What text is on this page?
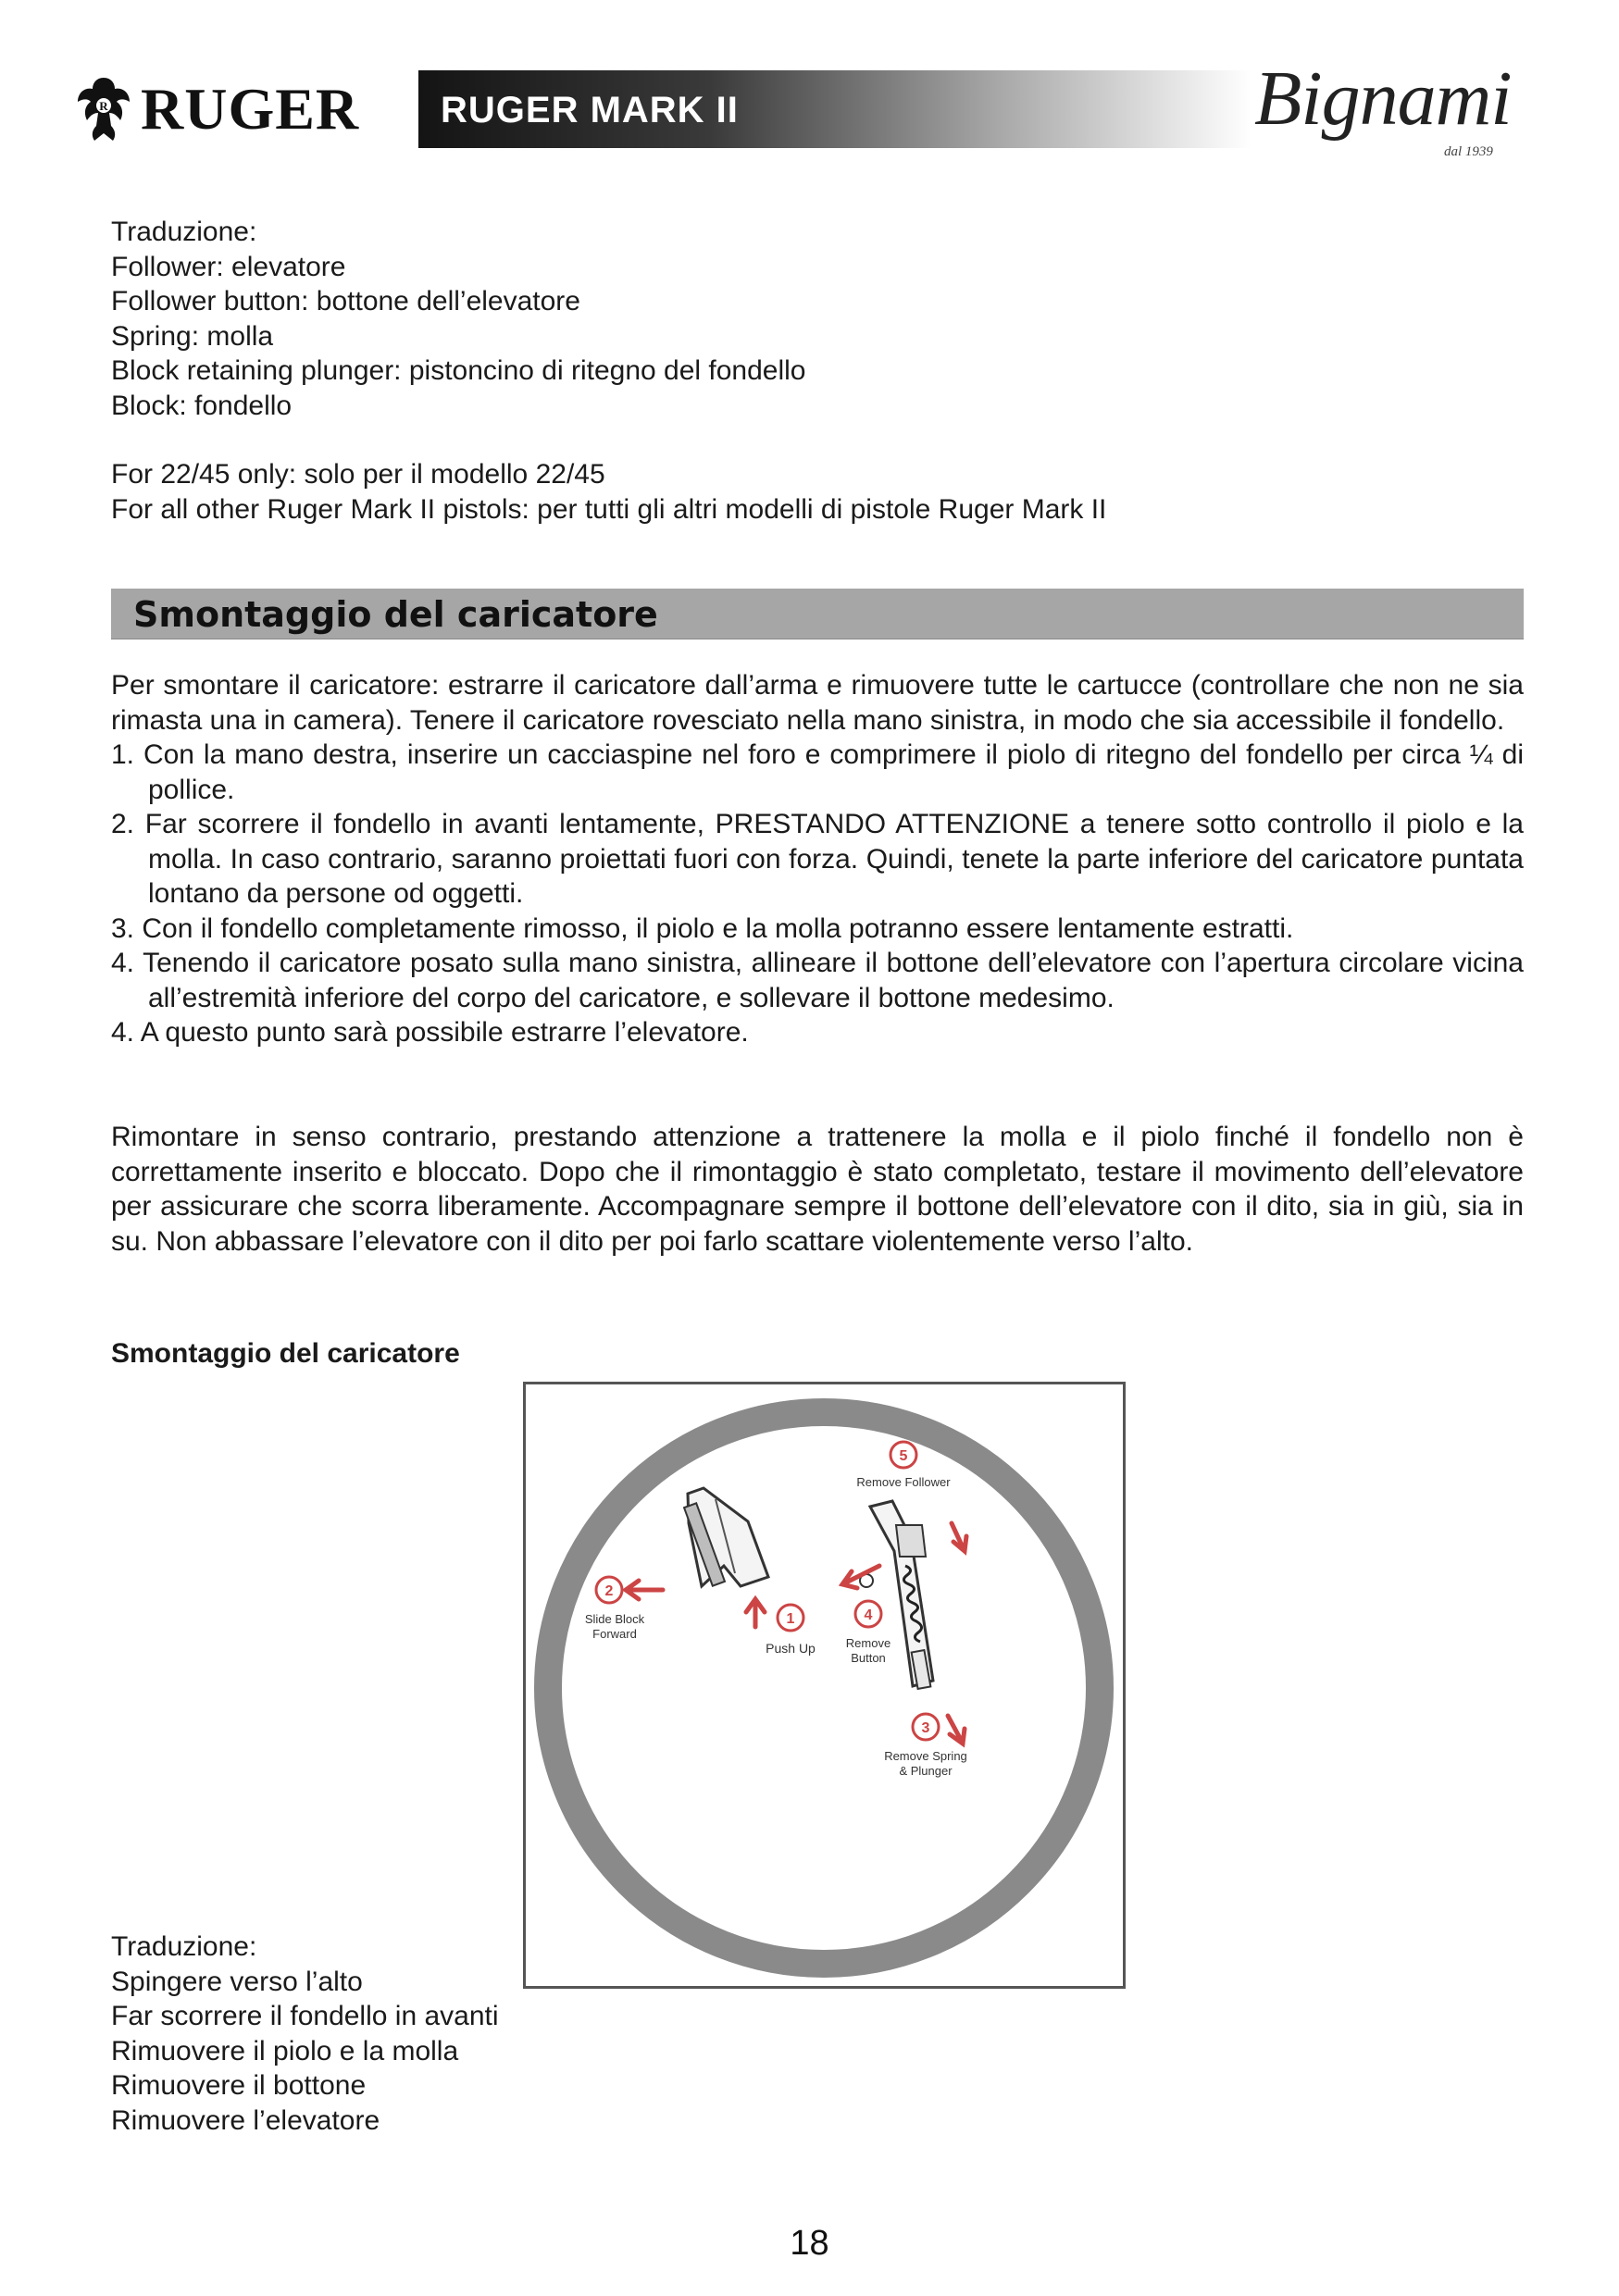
R RUGER RUGER MARK II	Bignami
dal 1939

Traduzione:

Follower: elevatore

Follower button: bottone dell’elevatore

Spring: molla

Block retaining plunger: pistoncino di ritegno del fondello

Block: fondello

For 22/45 only: solo per il modello 22/45

For all other Ruger Mark II pistols: per tutti gli altri modelli di pistole Ruger Mark II

Smontaggio del caricatore

Per smontare il caricatore: estrarre il caricatore dall’arma e rimuovere tutte le cartucce (controllare che non ne sia rimasta una in camera). Tenere il caricatore rovesciato nella mano sinistra, in modo che sia accessibile il fondello.

1. Con la mano destra, inserire un cacciaspine nel foro e comprimere il piolo di ritegno del fondello per circa ¼ di pollice.
2. Far scorrere il fondello in avanti lentamente, PRESTANDO ATTENZIONE a tenere sotto controllo il piolo e la molla. In caso contrario, saranno proiettati fuori con forza. Quindi, tenete la parte inferiore del caricatore puntata lontano da persone od oggetti.
3. Con il fondello completamente rimosso, il piolo e la molla potranno essere lentamente estratti.
4. Tenendo il caricatore posato sulla mano sinistra, allineare il bottone dell’elevatore con l’apertura circolare vicina all’estremità inferiore del corpo del caricatore, e sollevare il bottone medesimo.
4. A questo punto sarà possibile estrarre l’elevatore.
Rimontare in senso contrario, prestando attenzione a trattenere la molla e il piolo finché il fondello non è correttamente inserito e bloccato. Dopo che il rimontaggio è stato completato, testare il movimento dell’elevatore per assicurare che scorra liberamente. Accompagnare sempre il bottone dell’elevatore con il dito, sia in giù, sia in su. Non abbassare l’elevatore con il dito per poi farlo scattare violentemente verso l’alto.
Smontaggio del caricatore
1
Push Up
2
Slide Block
Forward
3
Remove Spring
& Plunger
4
Remove
Button
5
Remove Follower
Traduzione:
Spingere verso l’alto
Far scorrere il fondello in avanti
Rimuovere il piolo e la molla
Rimuovere il bottone
Rimuovere l’elevatore
18
